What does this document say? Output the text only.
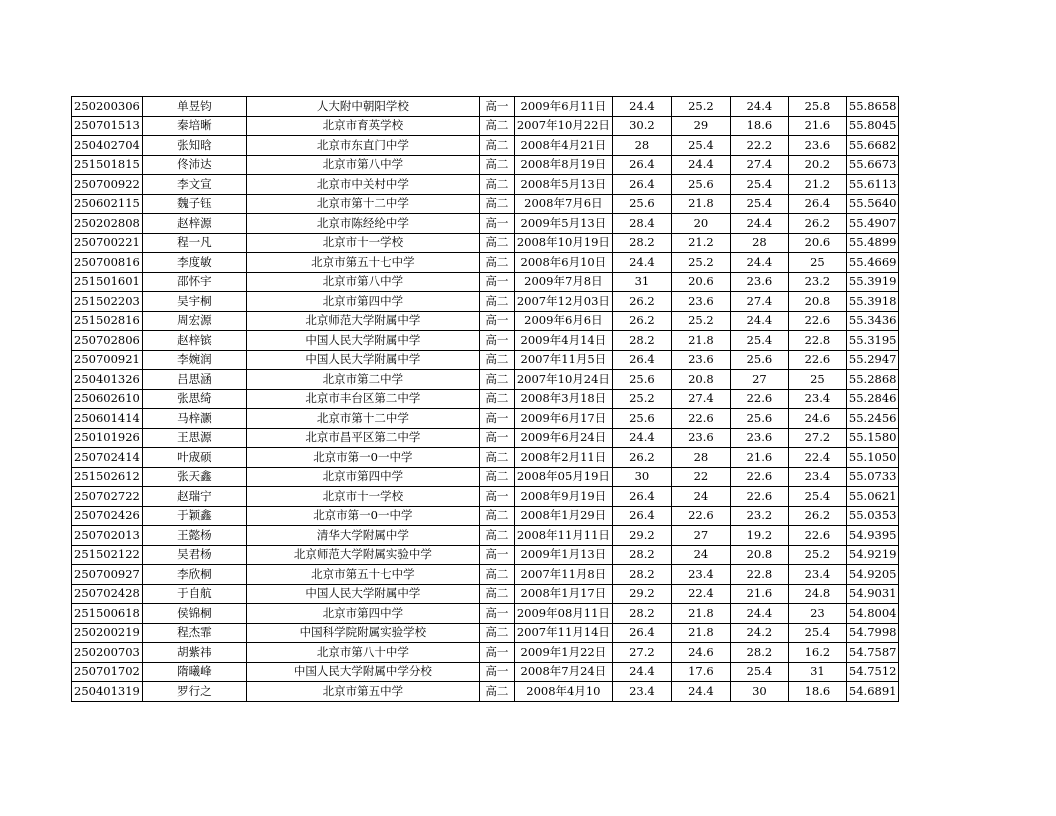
250200306	单昱钧	人大附中朝阳学校	高一	2009年6月11日	24.4	25.2	24.4	25.8	55.8658
250701513	秦培晰	北京市育英学校	高二	2007年10月22日	30.2	29	18.6	21.6	55.8045
250402704	张知晗	北京市东直门中学	高二	2008年4月21日	28	25.4	22.2	23.6	55.6682
251501815	佟沛达	北京市第八中学	高二	2008年8月19日	26.4	24.4	27.4	20.2	55.6673
250700922	李文宣	北京市中关村中学	高二	2008年5月13日	26.4	25.6	25.4	21.2	55.6113
250602115	魏子钰	北京市第十二中学	高二	2008年7月6日	25.6	21.8	25.4	26.4	55.5640
250202808	赵梓源	北京市陈经纶中学	高一	2009年5月13日	28.4	20	24.4	26.2	55.4907
250700221	程一凡	北京市十一学校	高二	2008年10月19日	28.2	21.2	28	20.6	55.4899
250700816	李度敏	北京市第五十七中学	高二	2008年6月10日	24.4	25.2	24.4	25	55.4669
251501601	邵怀宇	北京市第八中学	高一	2009年7月8日	31	20.6	23.6	23.2	55.3919
251502203	吴宇桐	北京市第四中学	高二	2007年12月03日	26.2	23.6	27.4	20.8	55.3918
251502816	周宏源	北京师范大学附属中学	高一	2009年6月6日	26.2	25.2	24.4	22.6	55.3436
250702806	赵梓镔	中国人民大学附属中学	高一	2009年4月14日	28.2	21.8	25.4	22.8	55.3195
250700921	李婉润	中国人民大学附属中学	高二	2007年11月5日	26.4	23.6	25.6	22.6	55.2947
250401326	吕思涵	北京市第二中学	高二	2007年10月24日	25.6	20.8	27	25	55.2868
250602610	张思绮	北京市丰台区第二中学	高二	2008年3月18日	25.2	27.4	22.6	23.4	55.2846
250601414	马梓灏	北京市第十二中学	高一	2009年6月17日	25.6	22.6	25.6	24.6	55.2456
250101926	王思源	北京市昌平区第二中学	高一	2009年6月24日	24.4	23.6	23.6	27.2	55.1580
250702414	叶宬硕	北京市第一0一中学	高二	2008年2月11日	26.2	28	21.6	22.4	55.1050
251502612	张天鑫	北京市第四中学	高二	2008年05月19日	30	22	22.6	23.4	55.0733
250702722	赵瑞宁	北京市十一学校	高一	2008年9月19日	26.4	24	22.6	25.4	55.0621
250702426	于颖鑫	北京市第一0一中学	高二	2008年1月29日	26.4	22.6	23.2	26.2	55.0353
250702013	王懿杨	清华大学附属中学	高二	2008年11月11日	29.2	27	19.2	22.6	54.9395
251502122	吴君杨	北京师范大学附属实验中学	高一	2009年1月13日	28.2	24	20.8	25.2	54.9219
250700927	李欣桐	北京市第五十七中学	高二	2007年11月8日	28.2	23.4	22.8	23.4	54.9205
250702428	于自航	中国人民大学附属中学	高二	2008年1月17日	29.2	22.4	21.6	24.8	54.9031
251500618	侯锦桐	北京市第四中学	高一	2009年08月11日	28.2	21.8	24.4	23	54.8004
250200219	程杰霏	中国科学院附属实验学校	高二	2007年11月14日	26.4	21.8	24.2	25.4	54.7998
250200703	胡紫祎	北京市第八十中学	高一	2009年1月22日	27.2	24.6	28.2	16.2	54.7587
250701702	隋曦峰	中国人民大学附属中学分校	高一	2008年7月24日	24.4	17.6	25.4	31	54.7512
250401319	罗行之	北京市第五中学	高二	2008年4月10	23.4	24.4	30	18.6	54.6891
